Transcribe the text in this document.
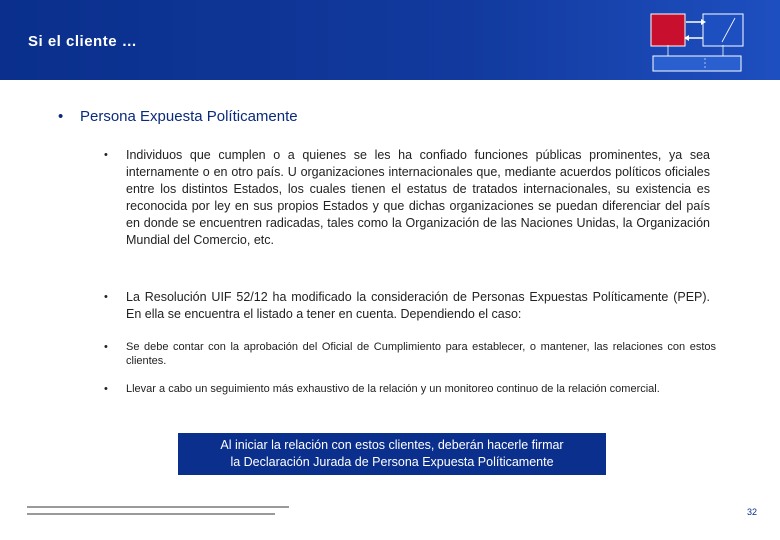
Si el cliente …
• Persona Expuesta Políticamente
• Individuos que cumplen o a quienes se les ha confiado funciones públicas prominentes, ya sea internamente o en otro país. U organizaciones internacionales que, mediante acuerdos políticos oficiales entre los distintos Estados, los cuales tienen el estatus de tratados internacionales, su existencia es reconocida por ley en sus propios Estados y que dichas organizaciones se puedan diferenciar del país en donde se encuentren radicadas, tales como la Organización de las Naciones Unidas, la Organización Mundial del Comercio, etc.
• La Resolución UIF 52/12 ha modificado la consideración de Personas Expuestas Políticamente (PEP). En ella se encuentra el listado a tener en cuenta. Dependiendo el caso:
• Se debe contar con la aprobación del Oficial de Cumplimiento para establecer, o mantener, las relaciones con estos clientes.
• Llevar a cabo un seguimiento más exhaustivo de la relación y un monitoreo continuo de la relación comercial.
Al iniciar la relación con estos clientes, deberán hacerle firmar
la Declaración Jurada de Persona Expuesta Políticamente
32
